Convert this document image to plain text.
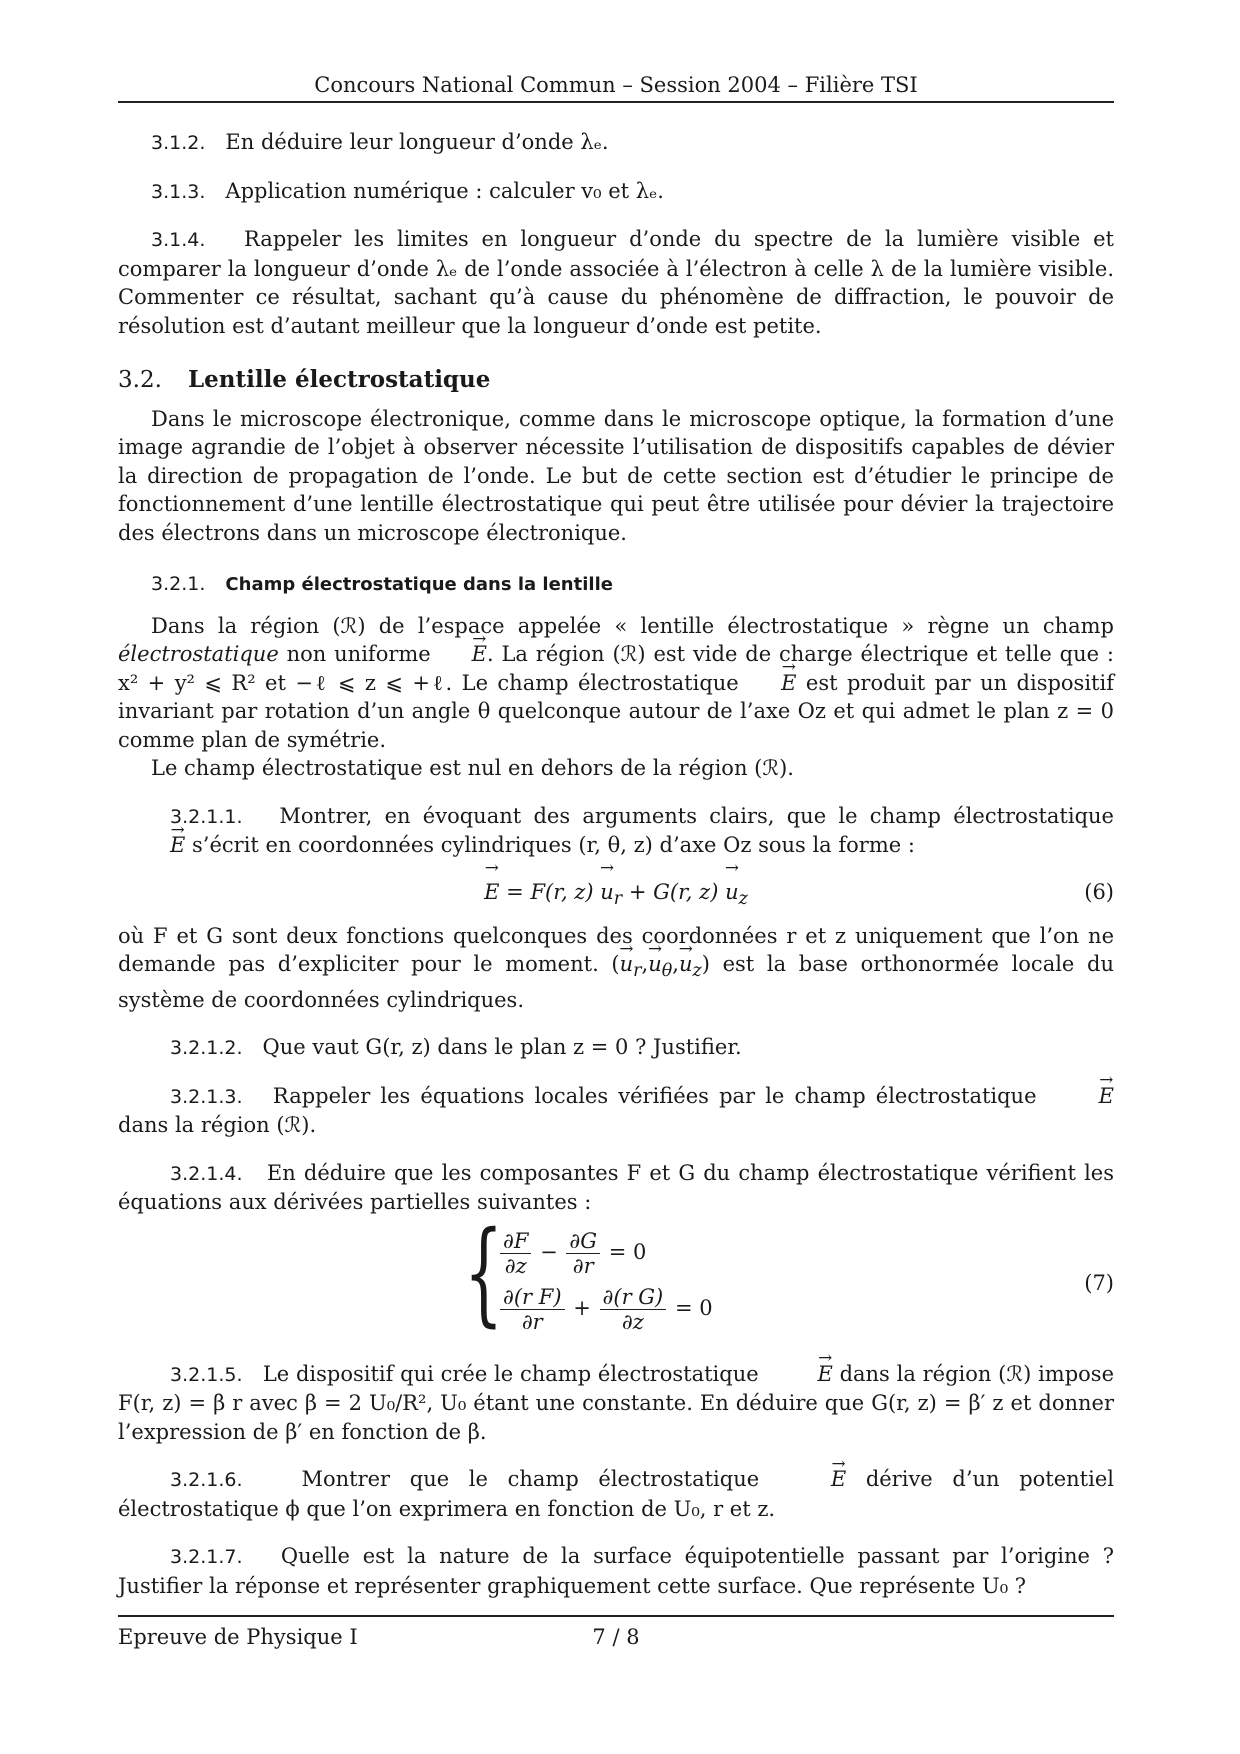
Concours National Commun – Session 2004 – Filière TSI

3.1.2. En déduire leur longueur d’onde λₑ.

3.1.3. Application numérique : calculer v₀ et λₑ.

3.1.4. Rappeler les limites en longueur d’onde du spectre de la lumière visible et comparer la longueur d’onde λₑ de l’onde associée à l’électron à celle λ de la lumière visible. Commenter ce résultat, sachant qu’à cause du phénomène de diffraction, le pouvoir de résolution est d’autant meilleur que la longueur d’onde est petite.

3.2. Lentille électrostatique

Dans le microscope électronique, comme dans le microscope optique, la formation d’une image agrandie de l’objet à observer nécessite l’utilisation de dispositifs capables de dévier la direction de propagation de l’onde. Le but de cette section est d’étudier le principe de fonctionnement d’une lentille électrostatique qui peut être utilisée pour dévier la trajectoire des électrons dans un microscope électronique.

3.2.1. Champ électrostatique dans la lentille

Dans la région (ℛ) de l’espace appelée « lentille électrostatique » règne un champ électrostatique non uniforme → E. La région (ℛ) est vide de charge électrique et telle que : x² + y² ⩽ R² et −ℓ ⩽ z ⩽ +ℓ. Le champ électrostatique → E est produit par un dispositif invariant par rotation d’un angle θ quelconque autour de l’axe Oz et qui admet le plan z = 0 comme plan de symétrie.

Le champ électrostatique est nul en dehors de la région (ℛ).

3.2.1.1. Montrer, en évoquant des arguments clairs, que le champ électrostatique → E s’écrit en coordonnées cylindriques (r, θ, z) d’axe Oz sous la forme :

→ E = F(r, $z) \to u_r + G(r$, $z) \to u_z$	(6)

où F et G sont deux fonctions quelconques des coordonnées r et z uniquement que l’on ne demande pas d’expliciter pour le moment. (→ $u_r,\to u_\theta,\to u_z$) est la base orthonormée locale du système de coordonnées cylindriques.

3.2.1.2. Que vaut G(r, z) dans le plan z = 0 ? Justifier.

3.2.1.3. Rappeler les équations locales vérifiées par le champ électrostatique	→ E dans la région (ℛ).

3.2.1.4. En déduire que les composantes F et G du champ électrostatique vérifient les équations aux dérivées partielles suivantes :

{
$\frac{\partial F}{\partial z} - \frac{\partial G}{\partial r} = 0$
$\frac{\text{∂(r F)}}{\partial r} + \frac{\text{∂(r G)}}{\partial z} = 0$
(7)

3.2.1.5. Le dispositif qui crée le champ électrostatique	→ E dans la région (ℛ) impose F(r, z) = β r avec β = 2 U₀/R², U₀ étant une constante. En déduire que G(r, z) = β′ z et donner l’expression de β′ en fonction de β.

3.2.1.6.	Montrer que le champ électrostatique	→ E dérive d’un potentiel électrostatique ϕ que l’on exprimera en fonction de U₀, r et z.

3.2.1.7. Quelle est la nature de la surface équipotentielle passant par l’origine ? Justifier la réponse et représenter graphiquement cette surface. Que représente U₀ ?

Epreuve de Physique I	7 / 8
